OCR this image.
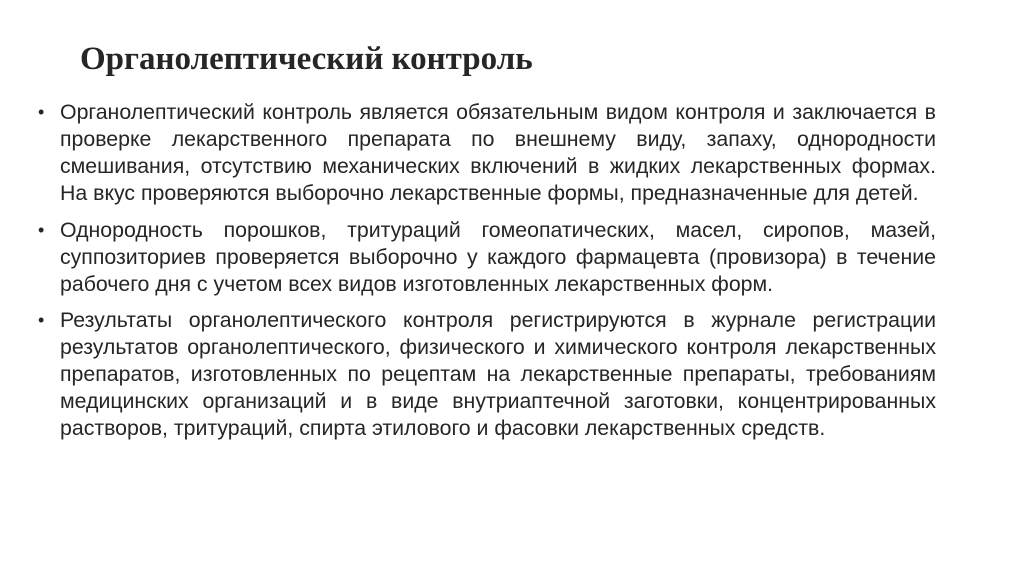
Органолептический контроль
• Органолептический контроль является обязательным видом контроля и заключается в проверке лекарственного препарата по внешнему виду, запаху, однородности смешивания, отсутствию механических включений в жидких лекарственных формах. На вкус проверяются выборочно лекарственные формы, предназначенные для детей.
• Однородность порошков, тритураций гомеопатических, масел, сиропов, мазей, суппозиториев проверяется выборочно у каждого фармацевта (провизора) в течение рабочего дня с учетом всех видов изготовленных лекарственных форм.
• Результаты органолептического контроля регистрируются в журнале регистрации результатов органолептического, физического и химического контроля лекарственных препаратов, изготовленных по рецептам на лекарственные препараты, требованиям медицинских организаций и в виде внутриаптечной заготовки, концентрированных растворов, тритураций, спирта этилового и фасовки лекарственных средств.
